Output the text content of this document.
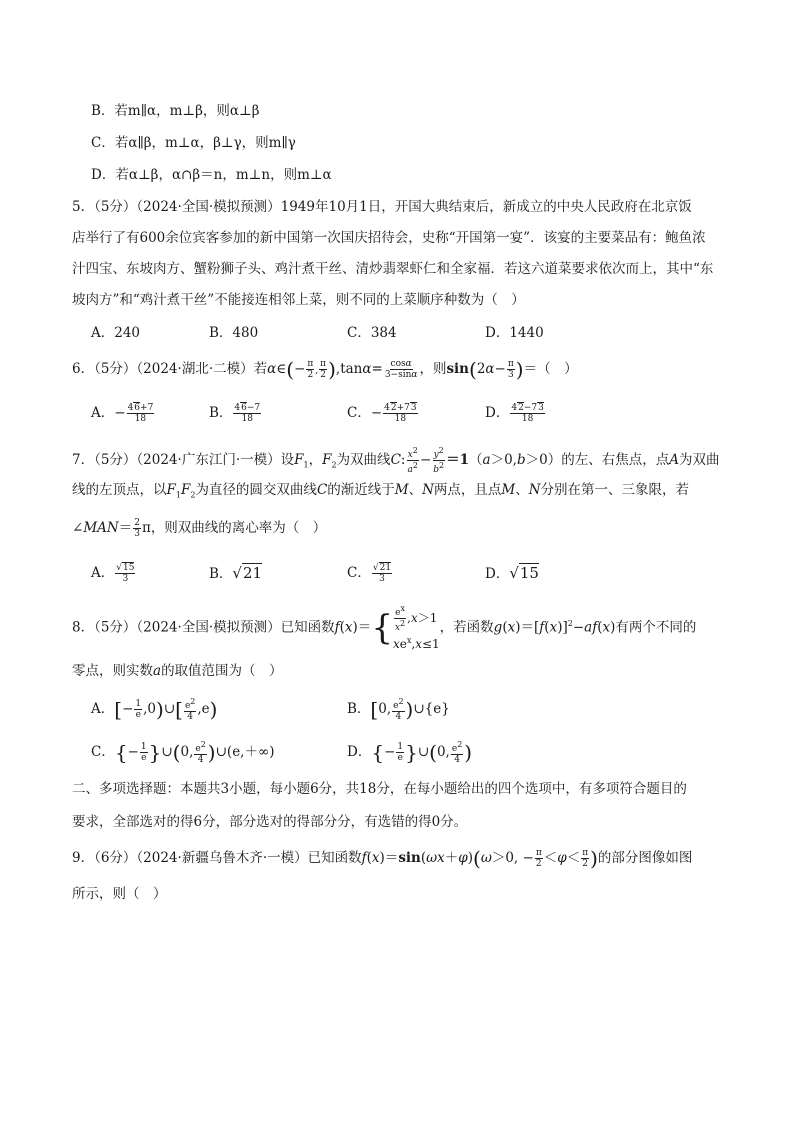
B．若m∥α，m⊥β，则α⊥β
C．若α∥β，m⊥α，β⊥γ，则m∥γ
D．若α⊥β，α∩β＝n，m⊥n，则m⊥α
5．（5分）（2024·全国·模拟预测）1949年10月1日，开国大典结束后，新成立的中央人民政府在北京饭
店举行了有600余位宾客参加的新中国第一次国庆招待会，史称“开国第一宴”．该宴的主要菜品有：鲍鱼浓
汁四宝、东坡肉方、蟹粉狮子头、鸡汁煮干丝、清炒翡翠虾仁和全家福．若这六道菜要求依次而上，其中“东
坡肉方”和“鸡汁煮干丝”不能接连相邻上菜，则不同的上菜顺序种数为（　）
A．240	B．480	C．384	D．1440
6．（5分）（2024·湖北·二模）若α∈(− $\frac{\pi}{2}$ , $\frac{\pi}{2} ),\tan\alpha= \frac{\cos\alpha}{3-\sin\alpha}$ ，则$\sin(2\alpha- \frac{\pi}{3}$ )＝（　）
A．− $\frac{46+7}{18}$	B． $\frac{46-7}{18}$	C．− $\frac{42+73}{18}$	D． $\frac{42-73}{18}$
7．（5分）（2024·广东江门·一模）设$F_1$，$F_2$为双曲线C: $\frac{x^2}{a^2} - \frac{y^2}{b^2} =1(a>0,b>0)$的左、右焦点，点A为双曲
线的左顶点，以$F_1F_2$为直径的圆交双曲线C的渐近线于M、N两点，且点M、N分别在第一、三象限，若
∠MAN＝ $\frac{2}{3}$ π，则双曲线的离心率为（　）
A． $\frac{√15}{3}$	B．√21	C． $\frac{√21}{3}$	D．√15
8．（5分）（2024·全国·模拟预测）已知函数f(x)＝ { $\frac{e^x}{x^2} ,x>1$
$xe^x,x\le 1$
，若函数$g(x)=[f(x)]^2-af(x)$有两个不同的
零点，则实数a的取值范围为（　）
A．[− $\frac{1}{e}$ ,0)∪[ $\frac{e^2}{4} ,e$)	B．[0, $\frac{e^2}{4}$ )∪{e}
C．{− $\frac{1}{e}$ }∪(0, $\frac{e^2}{4}$ )∪(e,＋∞)	D．{− $\frac{1}{e}$ }∪(0, $\frac{e^2}{4}$ )
二、多项选择题：本题共3小题，每小题6分，共18分，在每小题给出的四个选项中，有多项符合题目的
要求，全部选对的得6分，部分选对的得部分分，有选错的得0分。
9．（6分）（2024·新疆乌鲁木齐·一模）已知函数f(x)＝sin(ωx＋φ)(ω＞0, − $\frac{\pi}{2} <\varphi< \frac{\pi}{2}$ )的部分图像如图
所示，则（　）
